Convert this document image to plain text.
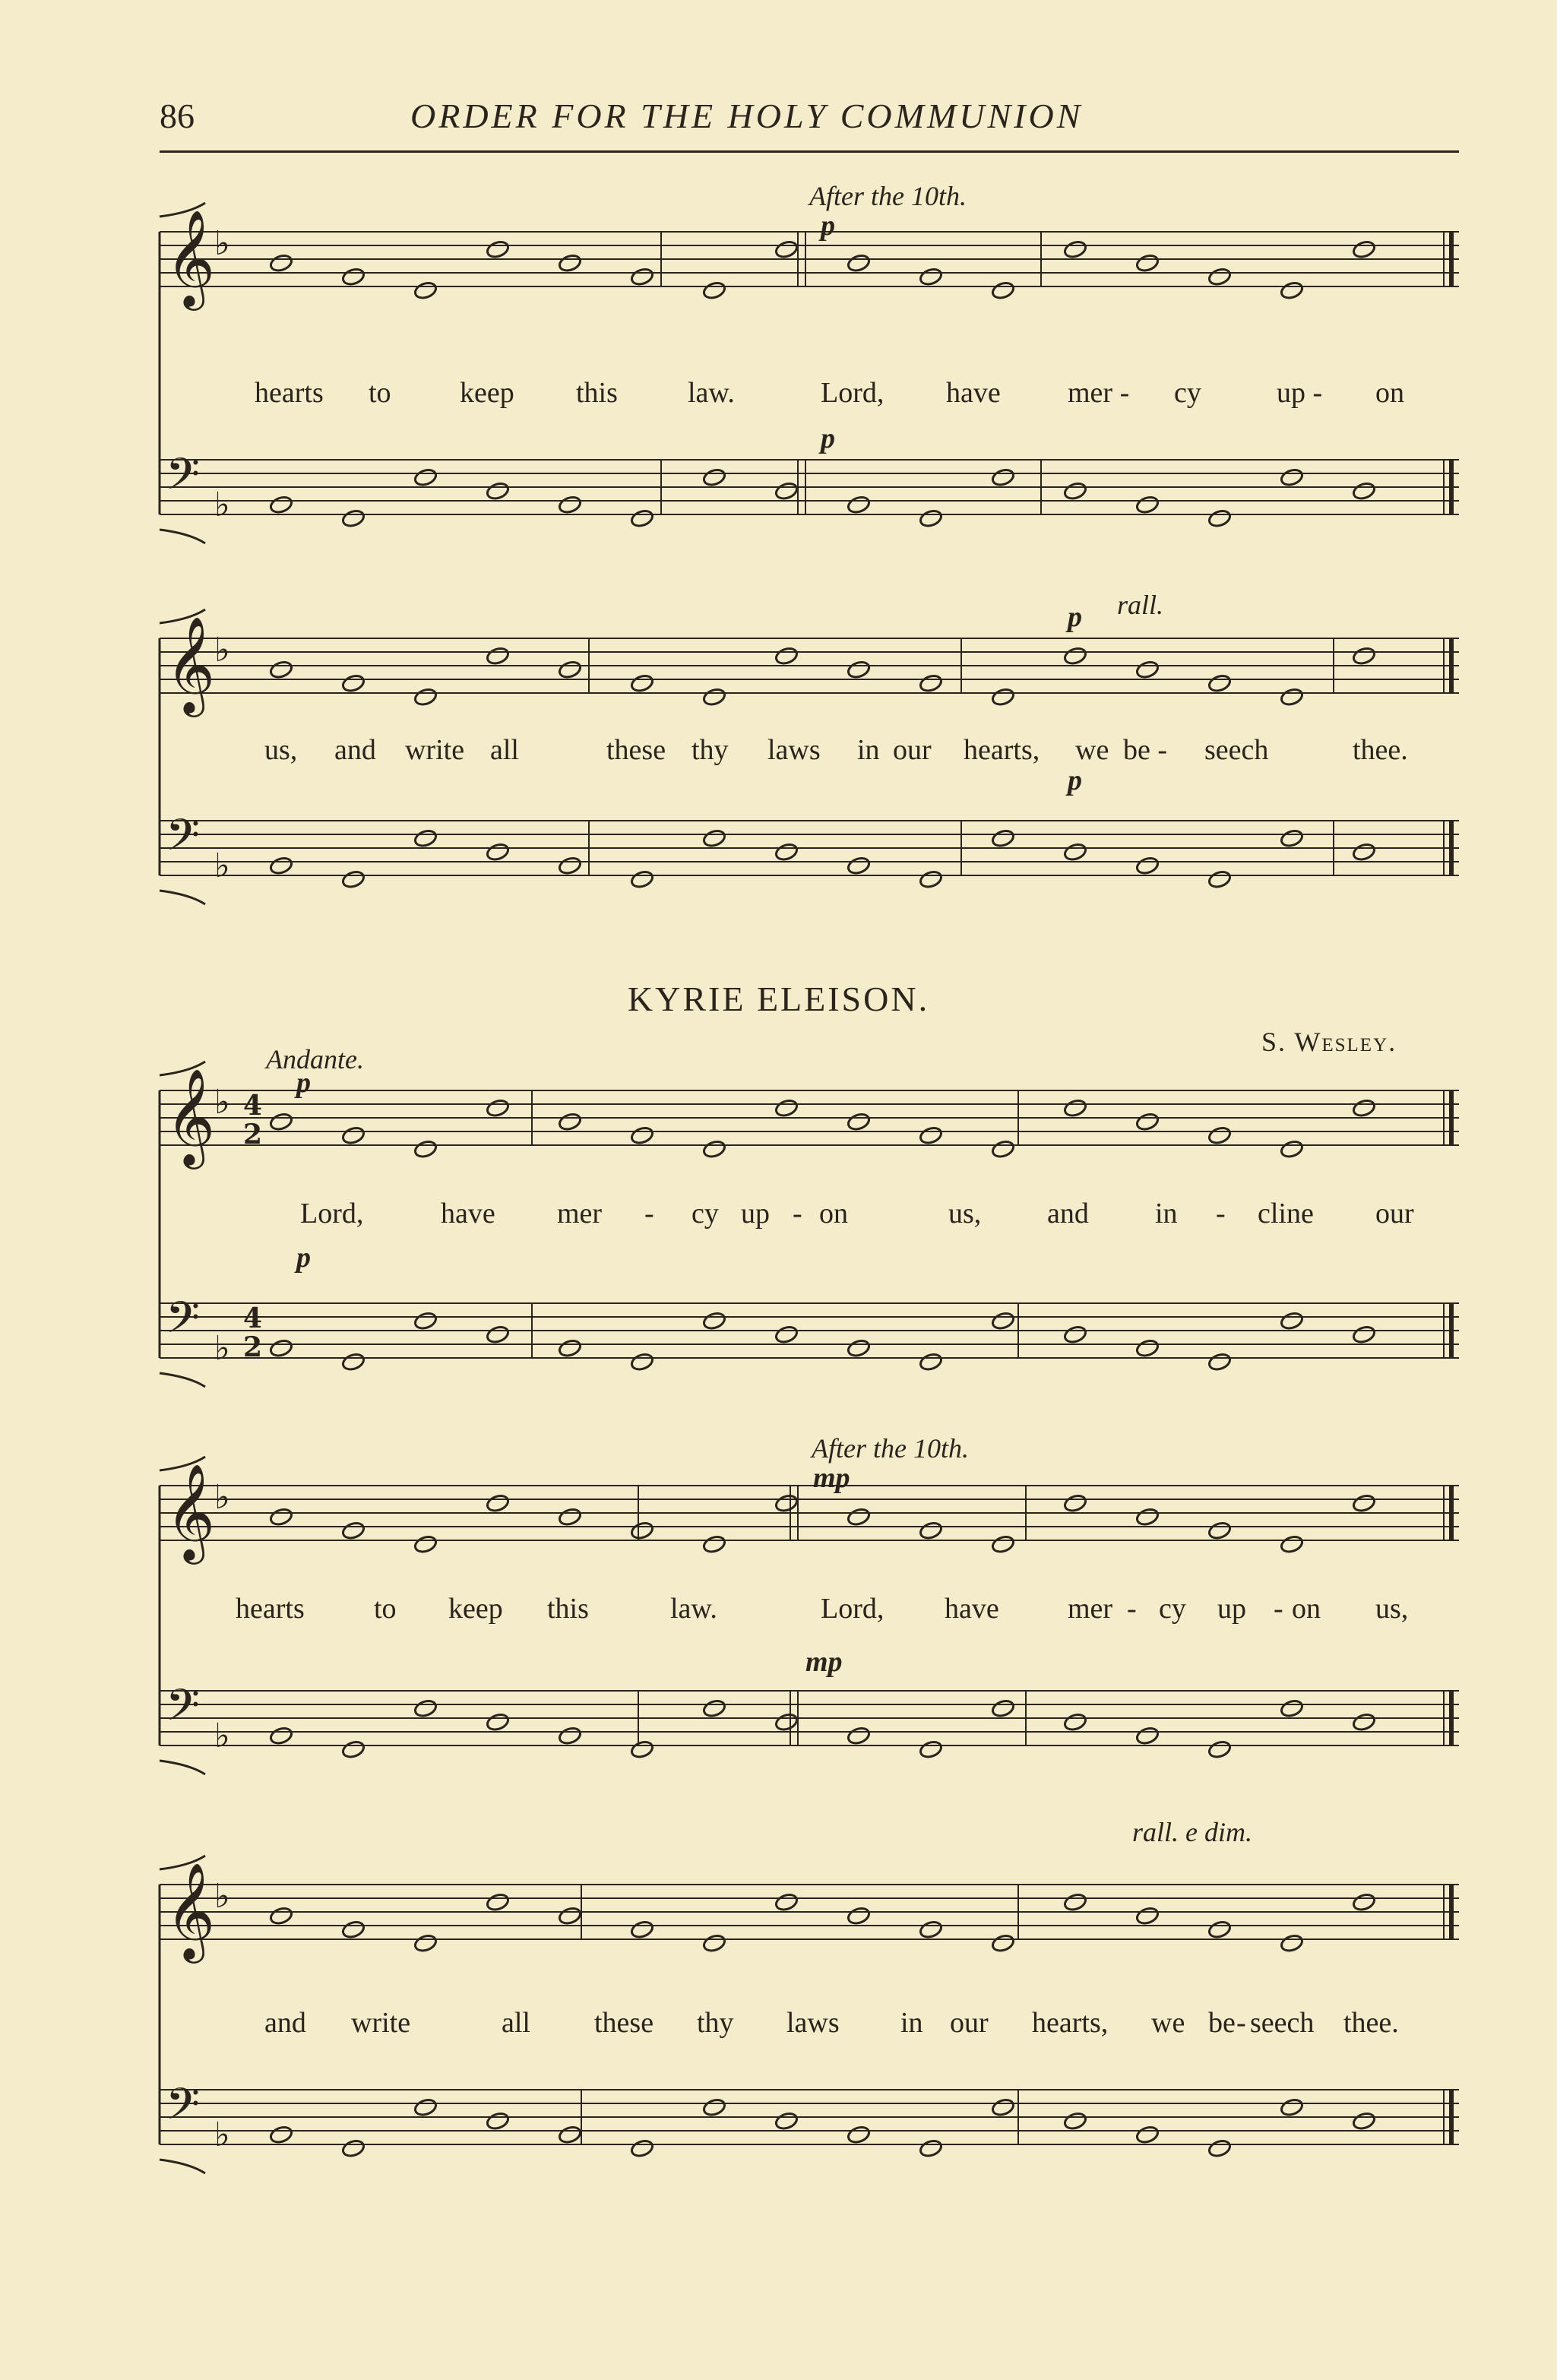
86	ORDER FOR THE HOLY COMMUNION
𝄞
♭
𝄢 ♭
After the 10th.
p
p
hearts to keep this law.	Lord, have mer - cy	up - on
𝄞
♭
𝄢 ♭
rall.
p
p
us, and write all	these thy laws in our hearts, we be - seech	thee.
KYRIE ELEISON.
S. Wesley.
𝄞
♭
𝄢 ♭
4
2
4
2
Andante.
p
p
Lord,	have mer - cy up - on	us, and in - cline our
𝄞
♭
𝄢 ♭
After the 10th.
mp
mp
hearts to keep this	law.	Lord, have mer - cy up - on us,
𝄞
♭
𝄢 ♭
rall. e dim.
and write	all these thy laws in our hearts, we be - seech thee.
